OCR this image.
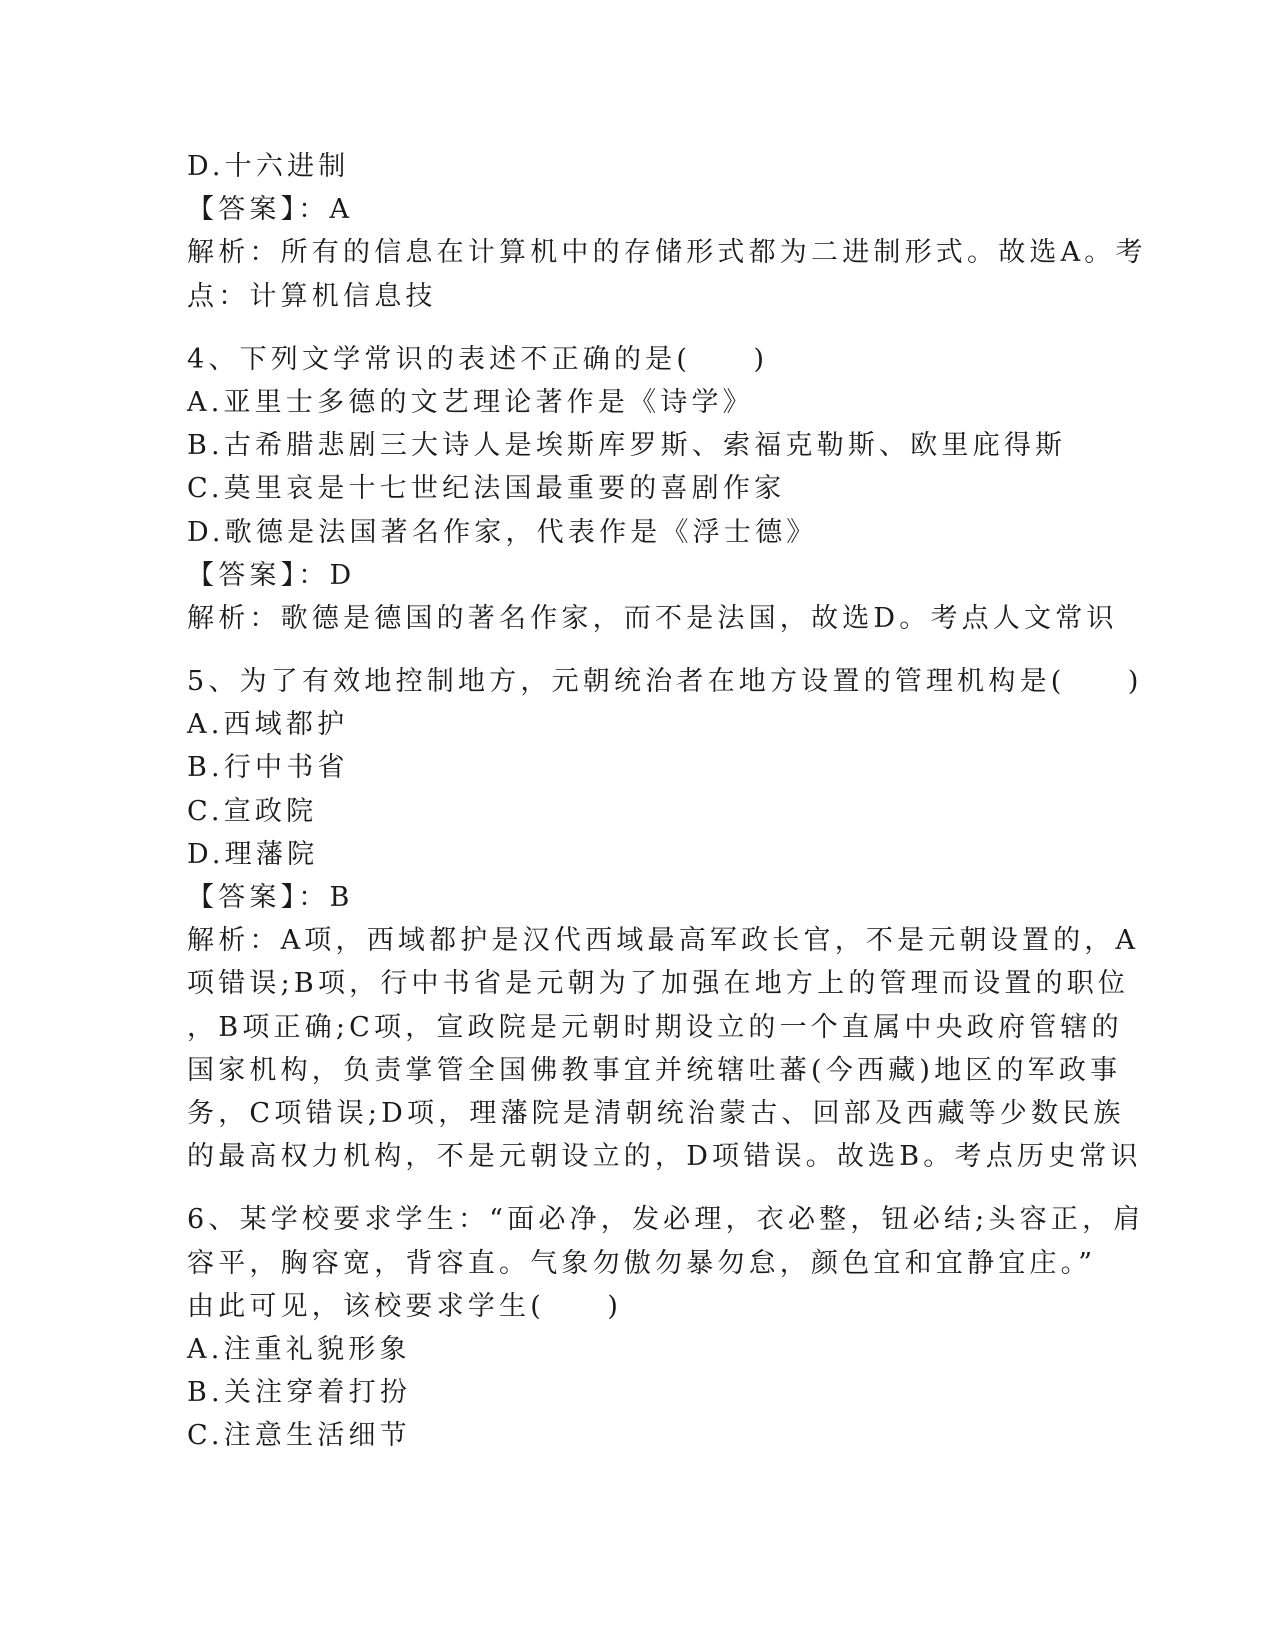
D.十六进制
【答案】：A
解析：所有的信息在计算机中的存储形式都为二进制形式。故选A。考
点：计算机信息技
4、下列文学常识的表述不正确的是(　　)
A.亚里士多德的文艺理论著作是《诗学》
B.古希腊悲剧三大诗人是埃斯库罗斯、索福克勒斯、欧里庇得斯
C.莫里哀是十七世纪法国最重要的喜剧作家
D.歌德是法国著名作家，代表作是《浮士德》
【答案】：D
解析：歌德是德国的著名作家，而不是法国，故选D。考点人文常识
5、为了有效地控制地方，元朝统治者在地方设置的管理机构是(　　)
A.西域都护
B.行中书省
C.宣政院
D.理藩院
【答案】：B
解析：A项，西域都护是汉代西域最高军政长官，不是元朝设置的，A
项错误;B项，行中书省是元朝为了加强在地方上的管理而设置的职位
，B项正确;C项，宣政院是元朝时期设立的一个直属中央政府管辖的
国家机构，负责掌管全国佛教事宜并统辖吐蕃(今西藏)地区的军政事
务，C项错误;D项，理藩院是清朝统治蒙古、回部及西藏等少数民族
的最高权力机构，不是元朝设立的，D项错误。故选B。考点历史常识
6、某学校要求学生：“面必净，发必理，衣必整，钮必结;头容正，肩
容平，胸容宽，背容直。气象勿傲勿暴勿怠，颜色宜和宜静宜庄。”
由此可见，该校要求学生(　　)
A.注重礼貌形象
B.关注穿着打扮
C.注意生活细节
